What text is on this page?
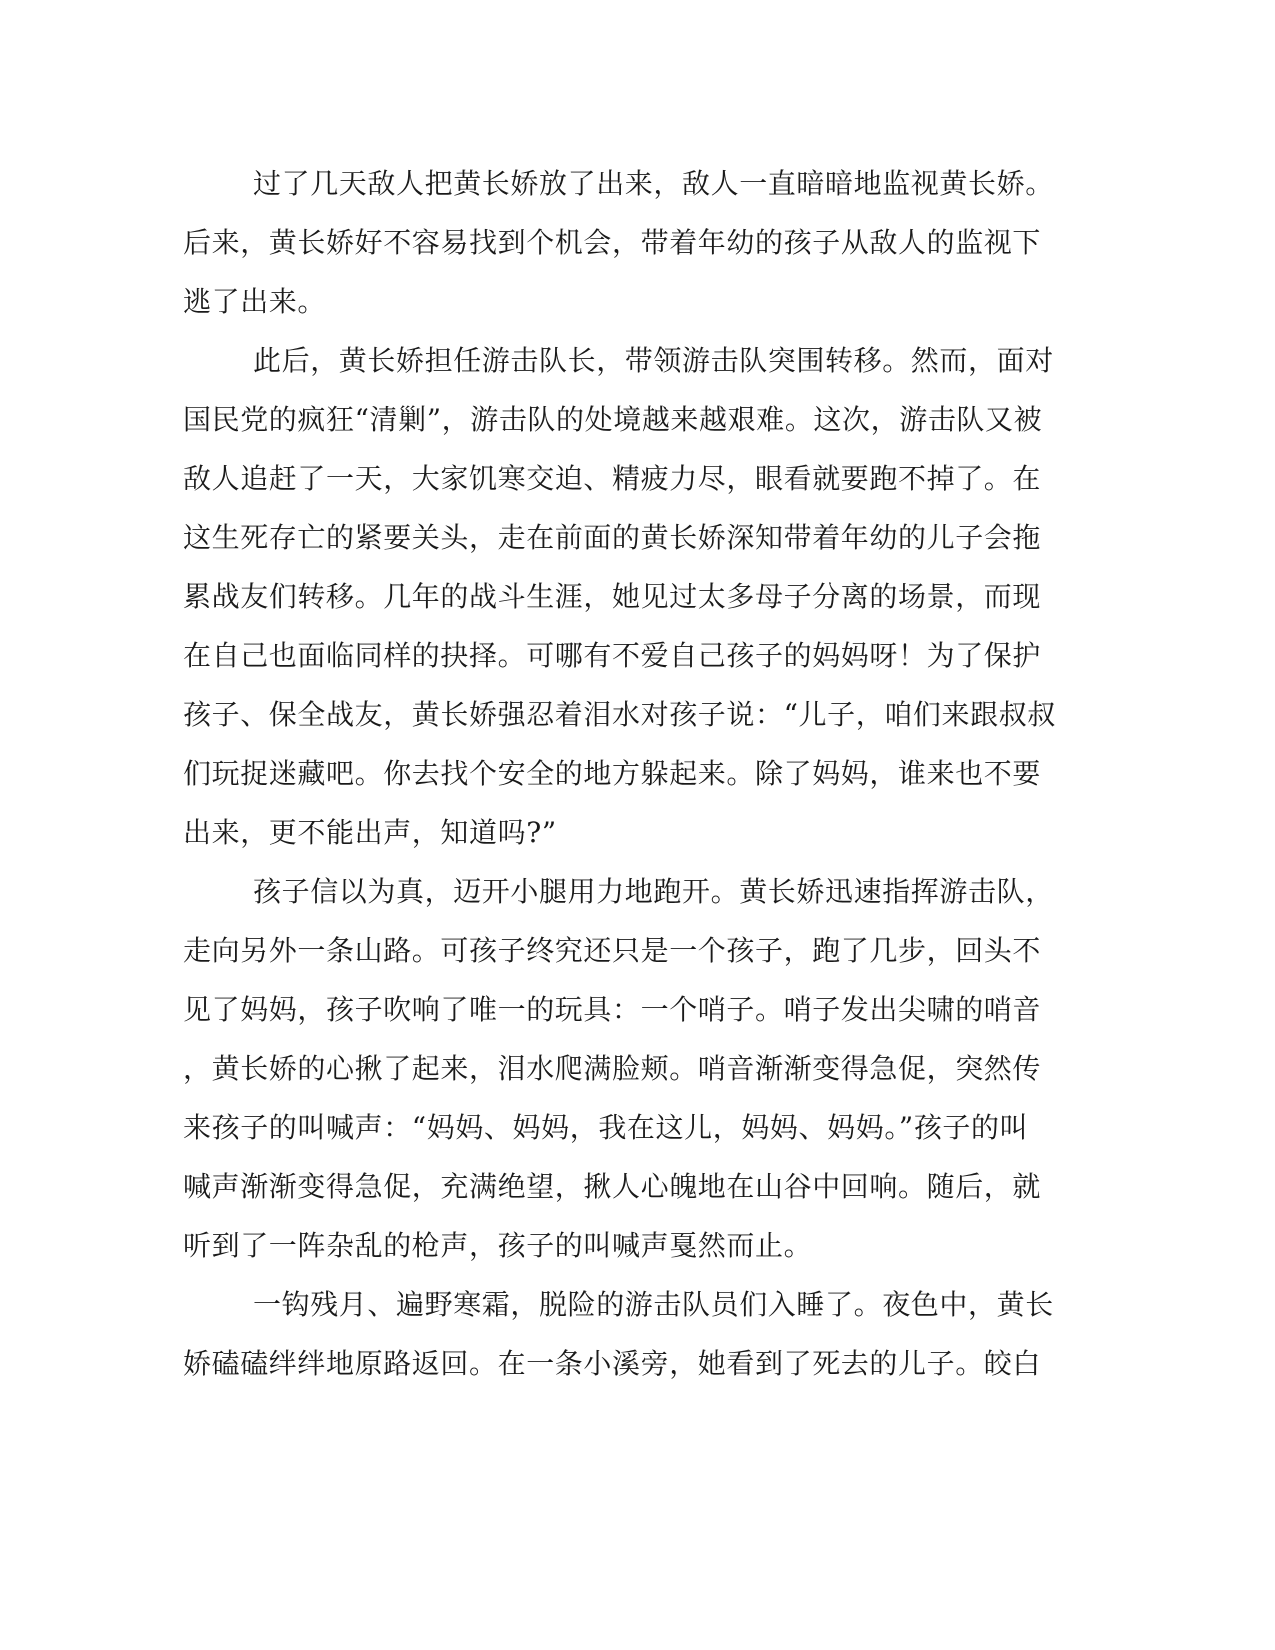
过了几天敌人把黄长娇放了出来，敌人一直暗暗地监视黄长娇。
后来，黄长娇好不容易找到个机会，带着年幼的孩子从敌人的监视下
逃了出来。
此后，黄长娇担任游击队长，带领游击队突围转移。然而，面对
国民党的疯狂“清剿”，游击队的处境越来越艰难。这次，游击队又被
敌人追赶了一天，大家饥寒交迫、精疲力尽，眼看就要跑不掉了。在
这生死存亡的紧要关头，走在前面的黄长娇深知带着年幼的儿子会拖
累战友们转移。几年的战斗生涯，她见过太多母子分离的场景，而现
在自己也面临同样的抉择。可哪有不爱自己孩子的妈妈呀！为了保护
孩子、保全战友，黄长娇强忍着泪水对孩子说：“儿子，咱们来跟叔叔
们玩捉迷藏吧。你去找个安全的地方躲起来。除了妈妈，谁来也不要
出来，更不能出声，知道吗?”
孩子信以为真，迈开小腿用力地跑开。黄长娇迅速指挥游击队，
走向另外一条山路。可孩子终究还只是一个孩子，跑了几步，回头不
见了妈妈，孩子吹响了唯一的玩具：一个哨子。哨子发出尖啸的哨音
，黄长娇的心揪了起来，泪水爬满脸颊。哨音渐渐变得急促，突然传
来孩子的叫喊声：“妈妈、妈妈，我在这儿，妈妈、妈妈。”孩子的叫
喊声渐渐变得急促，充满绝望，揪人心魄地在山谷中回响。随后，就
听到了一阵杂乱的枪声，孩子的叫喊声戛然而止。
一钩残月、遍野寒霜，脱险的游击队员们入睡了。夜色中，黄长
娇磕磕绊绊地原路返回。在一条小溪旁，她看到了死去的儿子。皎白
